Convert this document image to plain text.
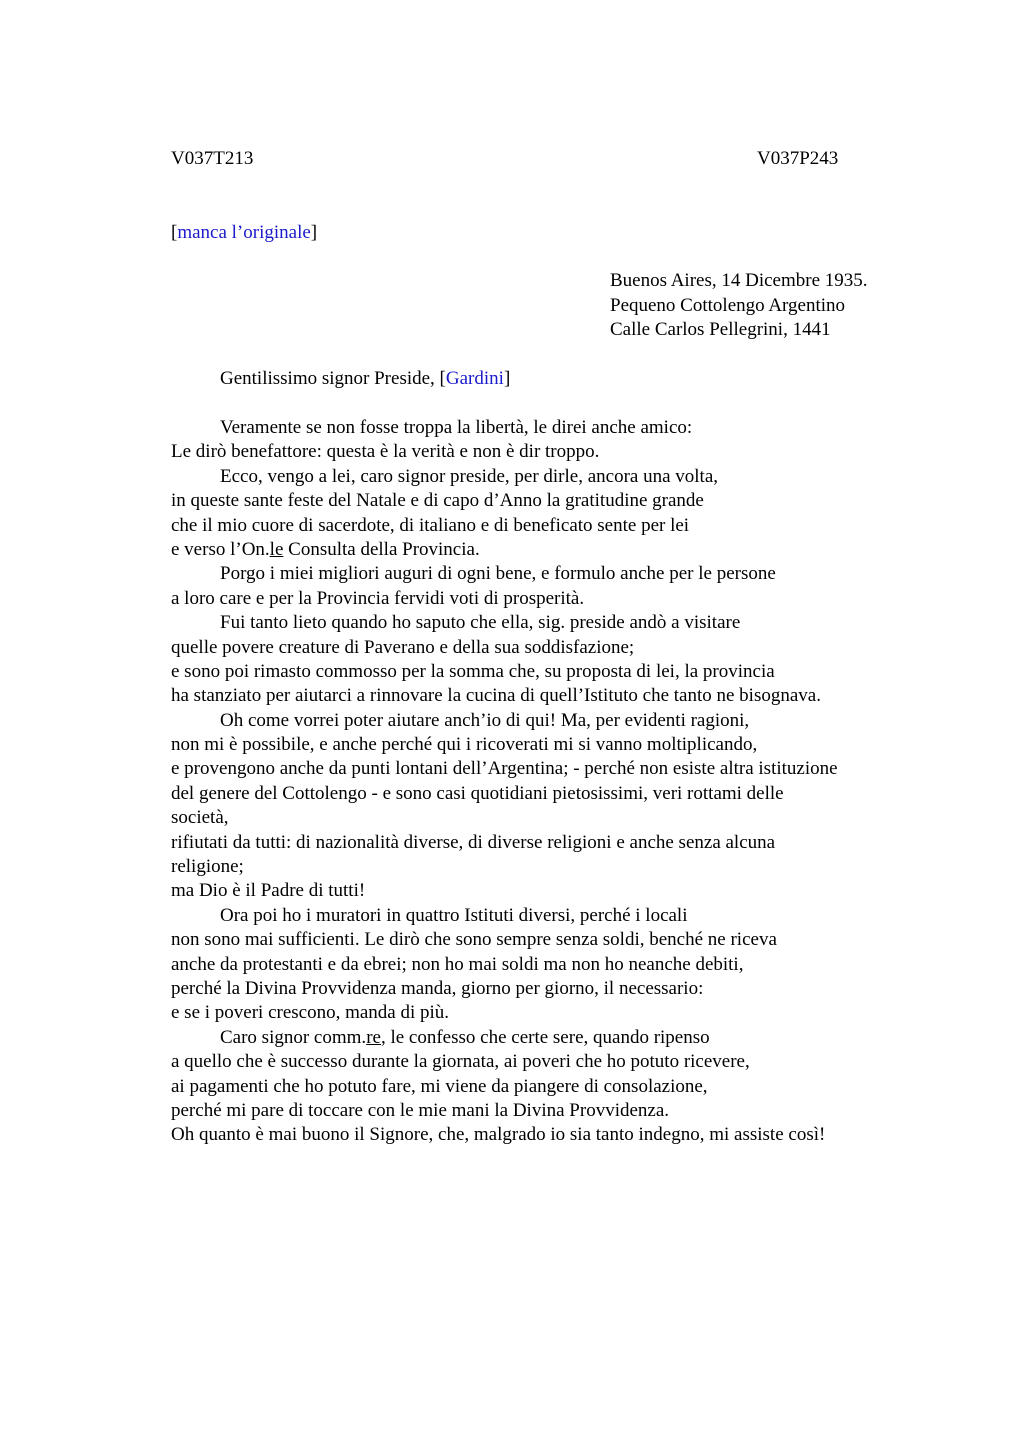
V037T213	V037P243
[manca l’originale]
Buenos Aires, 14 Dicembre 1935.
Pequeno Cottolengo Argentino
Calle Carlos Pellegrini, 1441
Gentilissimo signor Preside, [Gardini]
Veramente se non fosse troppa la libertà, le direi anche amico:
Le dirò benefattore: questa è la verità e non è dir troppo.
Ecco, vengo a lei, caro signor preside, per dirle, ancora una volta,
in queste sante feste del Natale e di capo d’Anno la gratitudine grande
che il mio cuore di sacerdote, di italiano e di beneficato sente per lei
e verso l’On.le Consulta della Provincia.
Porgo i miei migliori auguri di ogni bene, e formulo anche per le persone
a loro care e per la Provincia fervidi voti di prosperità.
Fui tanto lieto quando ho saputo che ella, sig. preside andò a visitare
quelle povere creature di Paverano e della sua soddisfazione;
e sono poi rimasto commosso per la somma che, su proposta di lei, la provincia
ha stanziato per aiutarci a rinnovare la cucina di quell’Istituto che tanto ne bisognava.
Oh come vorrei poter aiutare anch’io di qui! Ma, per evidenti ragioni,
non mi è possibile, e anche perché qui i ricoverati mi si vanno moltiplicando,
e provengono anche da punti lontani dell’Argentina; - perché non esiste altra istituzione
del genere del Cottolengo - e sono casi quotidiani pietosissimi, veri rottami delle
società,
rifiutati da tutti: di nazionalità diverse, di diverse religioni e anche senza alcuna
religione;
ma Dio è il Padre di tutti!
Ora poi ho i muratori in quattro Istituti diversi, perché i locali
non sono mai sufficienti. Le dirò che sono sempre senza soldi, benché ne riceva
anche da protestanti e da ebrei; non ho mai soldi ma non ho neanche debiti,
perché la Divina Provvidenza manda, giorno per giorno, il necessario:
e se i poveri crescono, manda di più.
Caro signor comm.re, le confesso che certe sere, quando ripenso
a quello che è successo durante la giornata, ai poveri che ho potuto ricevere,
ai pagamenti che ho potuto fare, mi viene da piangere di consolazione,
perché mi pare di toccare con le mie mani la Divina Provvidenza.
Oh quanto è mai buono il Signore, che, malgrado io sia tanto indegno, mi assiste così!
